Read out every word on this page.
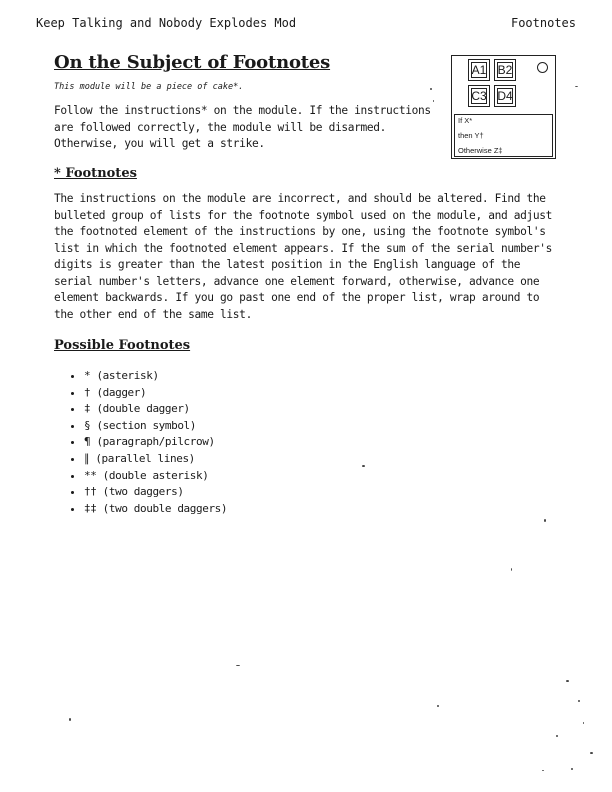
Keep Talking and Nobody Explodes Mod	Footnotes
On the Subject of Footnotes
This module will be a piece of cake*.

Follow the instructions* on the module. If the instructions are followed correctly, the module will be disarmed. Otherwise, you will get a strike.

A1 B2
C3 D4
If X*
then Y†
Otherwise Z‡
* Footnotes

The instructions on the module are incorrect, and should be altered. Find the bulleted group of lists for the footnote symbol used on the module, and adjust the footnoted element of the instructions by one, using the footnote symbol's list in which the footnoted element appears. If the sum of the serial number's digits is greater than the latest position in the English language of the serial number's letters, advance one element forward, otherwise, advance one element backwards. If you go past one end of the proper list, wrap around to the other end of the same list.

Possible Footnotes
• * (asterisk)
• † (dagger)
• ‡ (double dagger)
• § (section symbol)
• ¶ (paragraph/pilcrow)
• ∥ (parallel lines)
• ** (double asterisk)
• †† (two daggers)
• ‡‡ (two double daggers)
